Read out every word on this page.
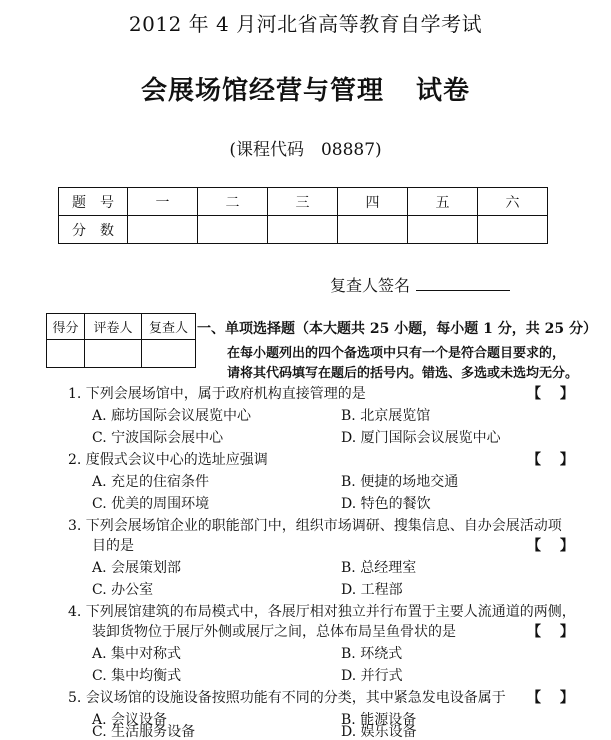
2012 年 4 月河北省高等教育自学考试
会展场馆经营与管理 试卷
(课程代码　08887)
题　号	一	二	三	四	五	六
分　数						
复查人签名
得分	评卷人	复查人
		一、单项选择题（本大题共 25 小题，每小题 1 分，共 25 分）
在每小题列出的四个备选项中只有一个是符合题目要求的，
请将其代码填写在题后的括号内。错选、多选或未选均无分。
1. 下列会展场馆中，属于政府机构直接管理的是	【 】
A. 廊坊国际会议展览中心	B. 北京展览馆
C. 宁波国际会展中心	D. 厦门国际会议展览中心
2. 度假式会议中心的选址应强调	【 】
A. 充足的住宿条件	B. 便捷的场地交通
C. 优美的周围环境	D. 特色的餐饮
3. 下列会展场馆企业的职能部门中，组织市场调研、搜集信息、自办会展活动项
目的是	【 】
A. 会展策划部	B. 总经理室
C. 办公室	D. 工程部
4. 下列展馆建筑的布局模式中，各展厅相对独立并行布置于主要人流通道的两侧，
装卸货物位于展厅外侧或展厅之间，总体布局呈鱼骨状的是	【 】
A. 集中对称式	B. 环绕式
C. 集中均衡式	D. 并行式
5. 会议场馆的设施设备按照功能有不同的分类，其中紧急发电设备属于 【 】
A. 会议设备	B. 能源设备
C. 生活服务设备	D. 娱乐设备
